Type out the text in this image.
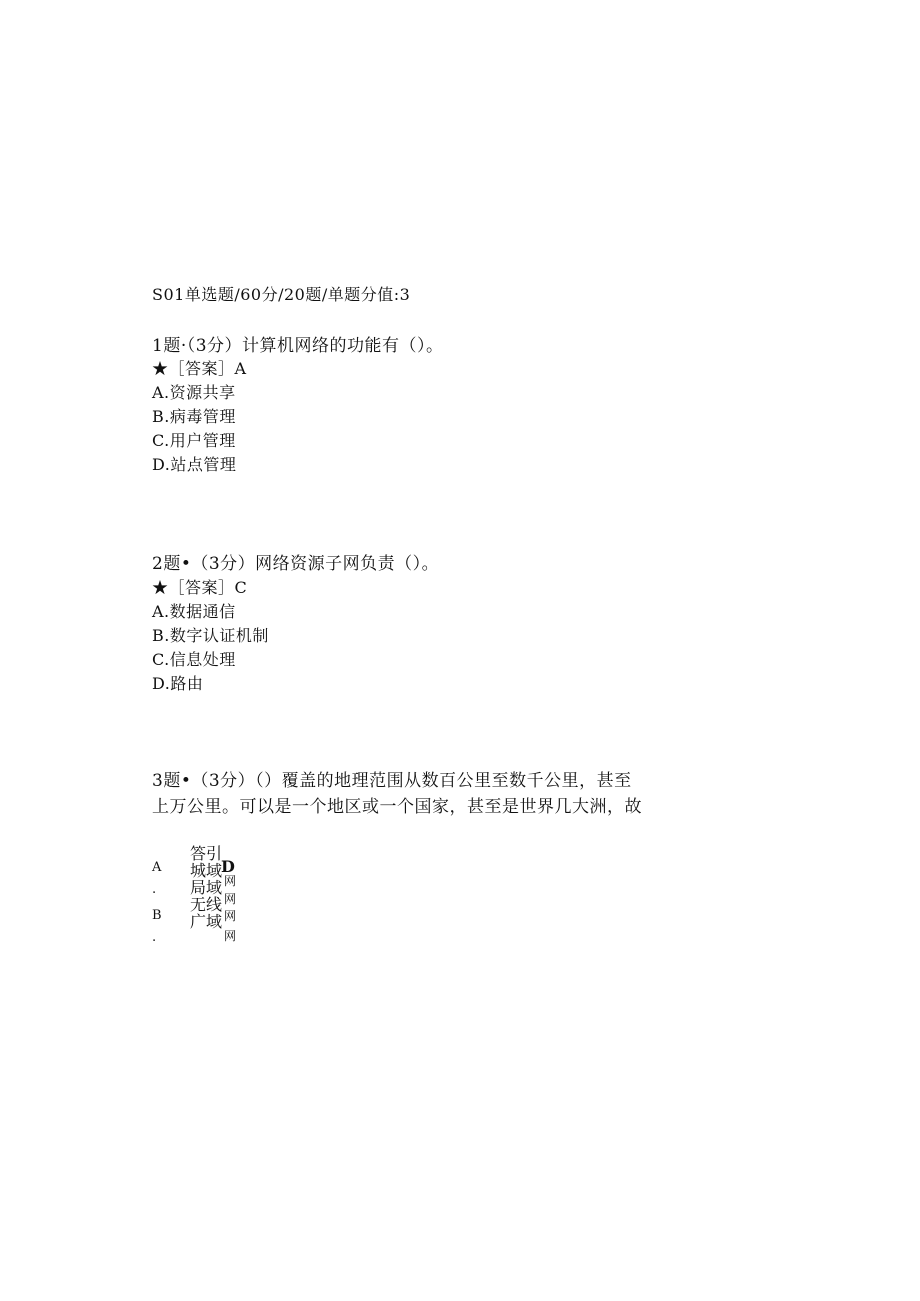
S01单选题/60分/20题/单题分值:3
1题·（3分）计算机网络的功能有（）。
★［答案］A
A.资源共享
B.病毒管理
C.用户管理
D.站点管理
2题•（3分）网络资源子网负责（）。
★［答案］C
A.数据通信
B.数字认证机制
C.信息处理
D.路由
3题•（3分）（）覆盖的地理范围从数百公里至数千公里，甚至
上万公里。可以是一个地区或一个国家，甚至是世界几大洲，故
A
.
B
.
答引
城域
局域
无线
广域
D
网
网
网
网
